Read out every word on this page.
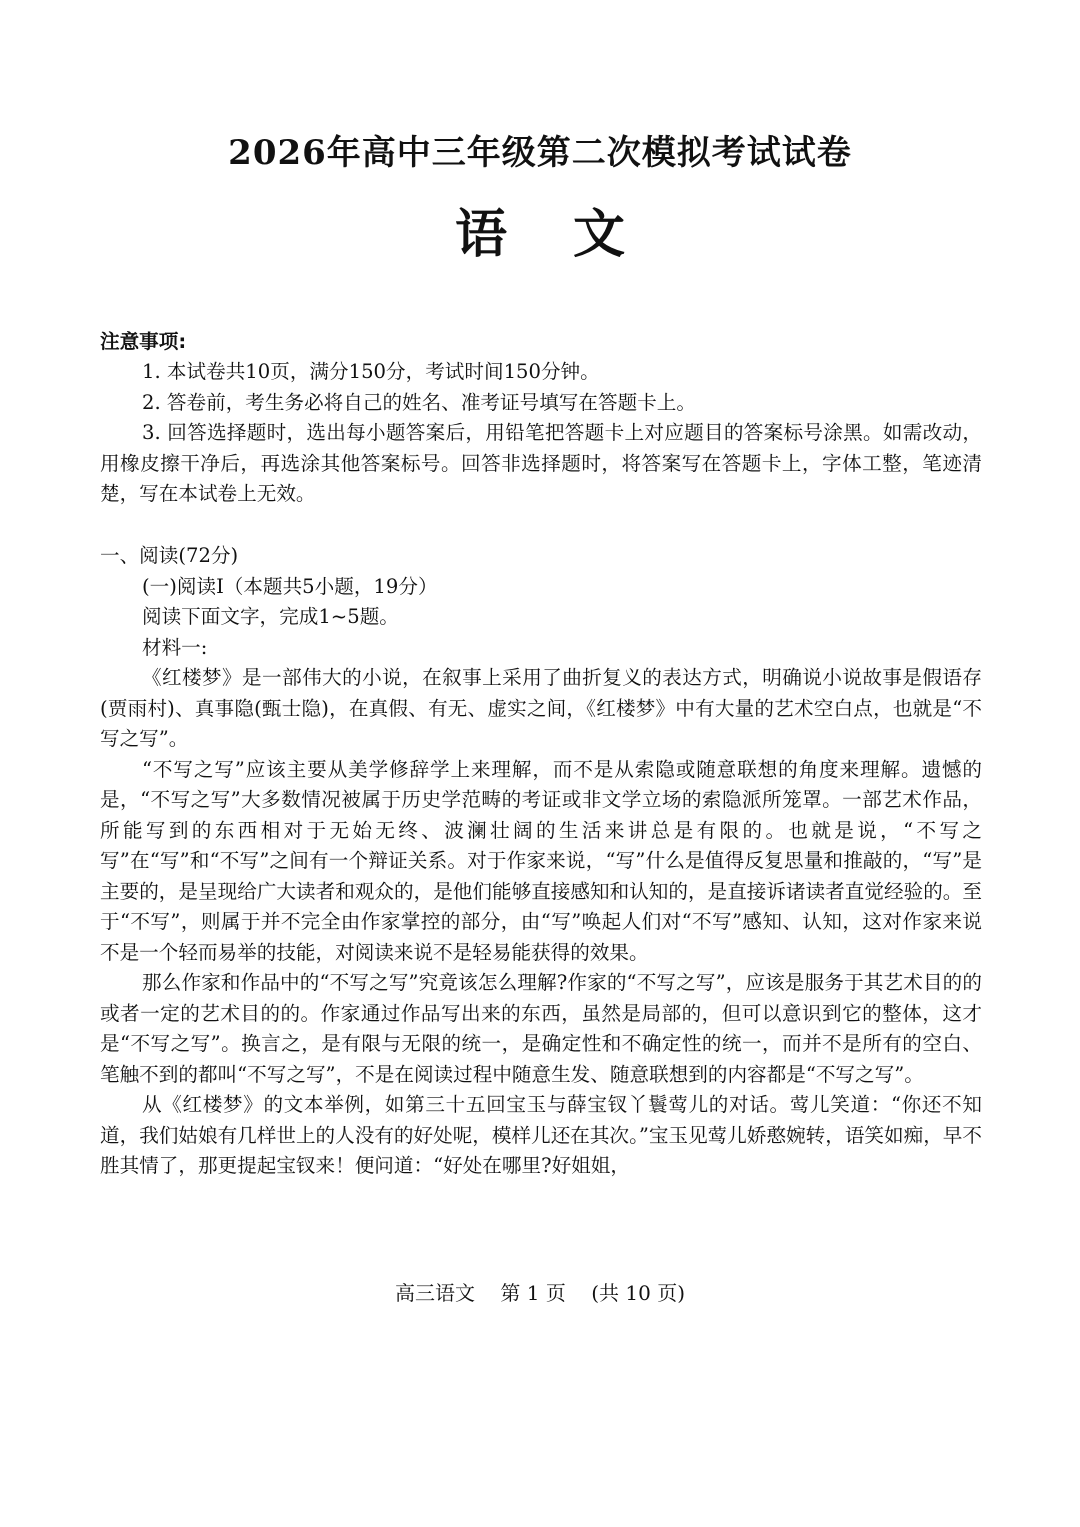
2026年高中三年级第二次模拟考试试卷
语文
注意事项:
1. 本试卷共10页，满分150分，考试时间150分钟。
2. 答卷前，考生务必将自己的姓名、准考证号填写在答题卡上。
3. 回答选择题时，选出每小题答案后，用铅笔把答题卡上对应题目的答案标号涂黑。如需改动，用橡皮擦干净后，再选涂其他答案标号。回答非选择题时，将答案写在答题卡上，字体工整，笔迹清楚，写在本试卷上无效。
一、阅读(72分)
(一)阅读Ⅰ（本题共5小题，19分）
阅读下面文字，完成1~5题。
材料一:

《红楼梦》是一部伟大的小说，在叙事上采用了曲折复义的表达方式，明确说小说故事是假语存(贾雨村)、真事隐(甄士隐)，在真假、有无、虚实之间，《红楼梦》中有大量的艺术空白点，也就是“不写之写”。

“不写之写”应该主要从美学修辞学上来理解，而不是从索隐或随意联想的角度来理解。遗憾的是，“不写之写”大多数情况被属于历史学范畴的考证或非文学立场的索隐派所笼罩。一部艺术作品，所能写到的东西相对于无始无终、波澜壮阔的生活来讲总是有限的。也就是说，“不写之写”在“写”和“不写”之间有一个辩证关系。对于作家来说，“写”什么是值得反复思量和推敲的，“写”是主要的，是呈现给广大读者和观众的，是他们能够直接感知和认知的，是直接诉诸读者直觉经验的。至于“不写”，则属于并不完全由作家掌控的部分，由“写”唤起人们对“不写”感知、认知，这对作家来说不是一个轻而易举的技能，对阅读来说不是轻易能获得的效果。

那么作家和作品中的“不写之写”究竟该怎么理解?作家的“不写之写”，应该是服务于其艺术目的的或者一定的艺术目的的。作家通过作品写出来的东西，虽然是局部的，但可以意识到它的整体，这才是“不写之写”。换言之，是有限与无限的统一，是确定性和不确定性的统一，而并不是所有的空白、笔触不到的都叫“不写之写”，不是在阅读过程中随意生发、随意联想到的内容都是“不写之写”。

从《红楼梦》的文本举例，如第三十五回宝玉与薛宝钗丫鬟莺儿的对话。莺儿笑道：“你还不知道，我们姑娘有几样世上的人没有的好处呢，模样儿还在其次。”宝玉见莺儿娇憨婉转，语笑如痴，早不胜其情了，那更提起宝钗来！便问道：“好处在哪里?好姐姐，

高三语文    第 1 页    (共 10 页)
